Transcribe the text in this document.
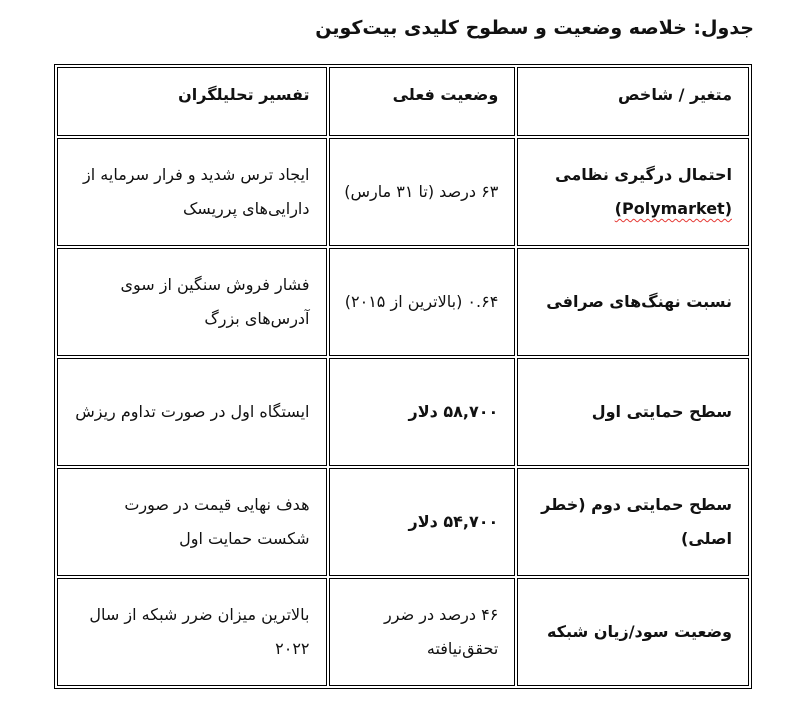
جدول: خلاصه وضعیت و سطوح کلیدی بیت‌کوین
متغیر / شاخص	وضعیت فعلی	تفسیر تحلیلگران
احتمال درگیری نظامی
(Polymarket)	۶۳ درصد (تا ۳۱ مارس)	ایجاد ترس شدید و فرار سرمایه از دارایی‌های پرریسک
نسبت نهنگ‌های صرافی	۰.۶۴ (بالاترین از ۲۰۱۵)	فشار فروش سنگین از سوی آدرس‌های بزرگ
سطح حمایتی اول	۵۸,۷۰۰ دلار	ایستگاه اول در صورت تداوم ریزش
سطح حمایتی دوم (خطر اصلی)	۵۴,۷۰۰ دلار	هدف نهایی قیمت در صورت شکست حمایت اول
وضعیت سود/زیان شبکه	۴۶ درصد در ضرر تحقق‌نیافته	بالاترین میزان ضرر شبکه از سال ۲۰۲۲
